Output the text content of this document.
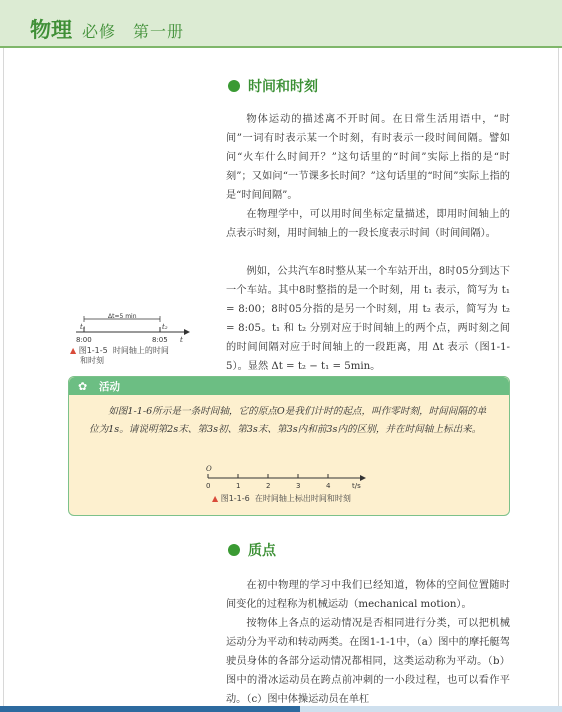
物理 必修　第一册
时间和时刻

物体运动的描述离不开时间。在日常生活用语中，“时间”一词有时表示某一个时刻，有时表示一段时间间隔。譬如问“火车什么时间开？”这句话里的“时间”实际上指的是“时刻”；又如问“一节课多长时间？”这句话里的“时间”实际上指的是“时间间隔”。

在物理学中，可以用时间坐标定量描述，即用时间轴上的点表示时刻，用时间轴上的一段长度表示时间（时间间隔）。

例如，公共汽车8时整从某一个车站开出，8时05分到达下一个车站。其中8时整指的是一个时刻，用 t₁ 表示，简写为 t₁ = 8:00；8时05分指的是另一个时刻，用 t₂ 表示，简写为 t₂ = 8:05。t₁ 和 t₂ 分别对应于时间轴上的两个点，两时刻之间的时间间隔对应于时间轴上的一段距离，用 Δt 表示（图1-1-5）。显然 Δt = t₂ − t₁ = 5min。

Δt=5 min
t₁	t₂
t
8:00	8:05
▲ 图1-1-5 时间轴上的时间
和时刻
✿ 活动

如图1-1-6所示是一条时间轴，它的原点O是我们计时的起点，叫作零时刻，时间间隔的单位为1s。请说明第2s末、第3s初、第3s末、第3s内和前3s内的区别，并在时间轴上标出来。

0	1	2	3	4	t/s
O
▲ 图1-1-6 在时间轴上标出时间和时刻
质点

在初中物理的学习中我们已经知道，物体的空间位置随时间变化的过程称为机械运动（mechanical motion）。

按物体上各点的运动情况是否相同进行分类，可以把机械运动分为平动和转动两类。在图1-1-1中，（a）图中的摩托艇驾驶员身体的各部分运动情况都相同，这类运动称为平动。（b）图中的滑冰运动员在跨点前冲刺的一小段过程，也可以看作平动。（c）图中体操运动员在单杠
